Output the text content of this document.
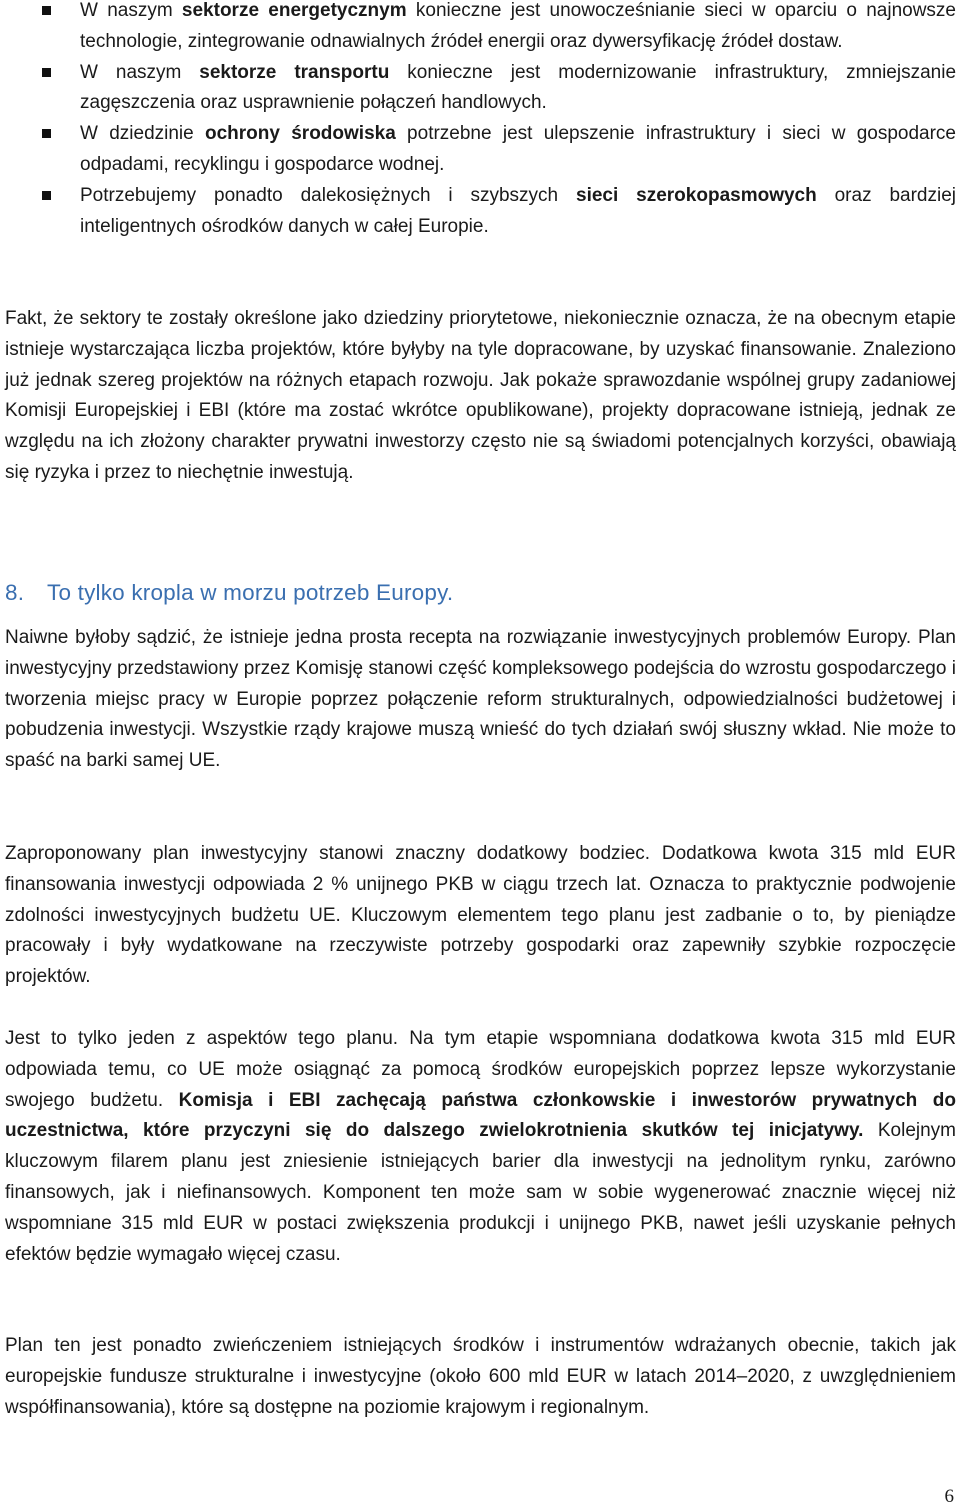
W naszym sektorze energetycznym konieczne jest unowocześnianie sieci w oparciu o najnowsze technologie, zintegrowanie odnawialnych źródeł energii oraz dywersyfikację źródeł dostaw.
W naszym sektorze transportu konieczne jest modernizowanie infrastruktury, zmniejszanie zagęszczenia oraz usprawnienie połączeń handlowych.
W dziedzinie ochrony środowiska potrzebne jest ulepszenie infrastruktury i sieci w gospodarce odpadami, recyklingu i gospodarce wodnej.
Potrzebujemy ponadto dalekosiężnych i szybszych sieci szerokopasmowych oraz bardziej inteligentnych ośrodków danych w całej Europie.

Fakt, że sektory te zostały określone jako dziedziny priorytetowe, niekoniecznie oznacza, że na obecnym etapie istnieje wystarczająca liczba projektów, które byłyby na tyle dopracowane, by uzyskać finansowanie. Znaleziono już jednak szereg projektów na różnych etapach rozwoju. Jak pokaże sprawozdanie wspólnej grupy zadaniowej Komisji Europejskiej i EBI (które ma zostać wkrótce opublikowane), projekty dopracowane istnieją, jednak ze względu na ich złożony charakter prywatni inwestorzy często nie są świadomi potencjalnych korzyści, obawiają się ryzyka i przez to niechętnie inwestują.

8. To tylko kropla w morzu potrzeb Europy.

Naiwne byłoby sądzić, że istnieje jedna prosta recepta na rozwiązanie inwestycyjnych problemów Europy. Plan inwestycyjny przedstawiony przez Komisję stanowi część kompleksowego podejścia do wzrostu gospodarczego i tworzenia miejsc pracy w Europie poprzez połączenie reform strukturalnych, odpowiedzialności budżetowej i pobudzenia inwestycji. Wszystkie rządy krajowe muszą wnieść do tych działań swój słuszny wkład. Nie może to spaść na barki samej UE.

Zaproponowany plan inwestycyjny stanowi znaczny dodatkowy bodziec. Dodatkowa kwota 315 mld EUR finansowania inwestycji odpowiada 2 % unijnego PKB w ciągu trzech lat. Oznacza to praktycznie podwojenie zdolności inwestycyjnych budżetu UE. Kluczowym elementem tego planu jest zadbanie o to, by pieniądze pracowały i były wydatkowane na rzeczywiste potrzeby gospodarki oraz zapewniły szybkie rozpoczęcie projektów.

Jest to tylko jeden z aspektów tego planu. Na tym etapie wspomniana dodatkowa kwota 315 mld EUR odpowiada temu, co UE może osiągnąć za pomocą środków europejskich poprzez lepsze wykorzystanie swojego budżetu. Komisja i EBI zachęcają państwa członkowskie i inwestorów prywatnych do uczestnictwa, które przyczyni się do dalszego zwielokrotnienia skutków tej inicjatywy. Kolejnym kluczowym filarem planu jest zniesienie istniejących barier dla inwestycji na jednolitym rynku, zarówno finansowych, jak i niefinansowych. Komponent ten może sam w sobie wygenerować znacznie więcej niż wspomniane 315 mld EUR w postaci zwiększenia produkcji i unijnego PKB, nawet jeśli uzyskanie pełnych efektów będzie wymagało więcej czasu.

Plan ten jest ponadto zwieńczeniem istniejących środków i instrumentów wdrażanych obecnie, takich jak europejskie fundusze strukturalne i inwestycyjne (około 600 mld EUR w latach 2014–2020, z uwzględnieniem współfinansowania), które są dostępne na poziomie krajowym i regionalnym.

6
